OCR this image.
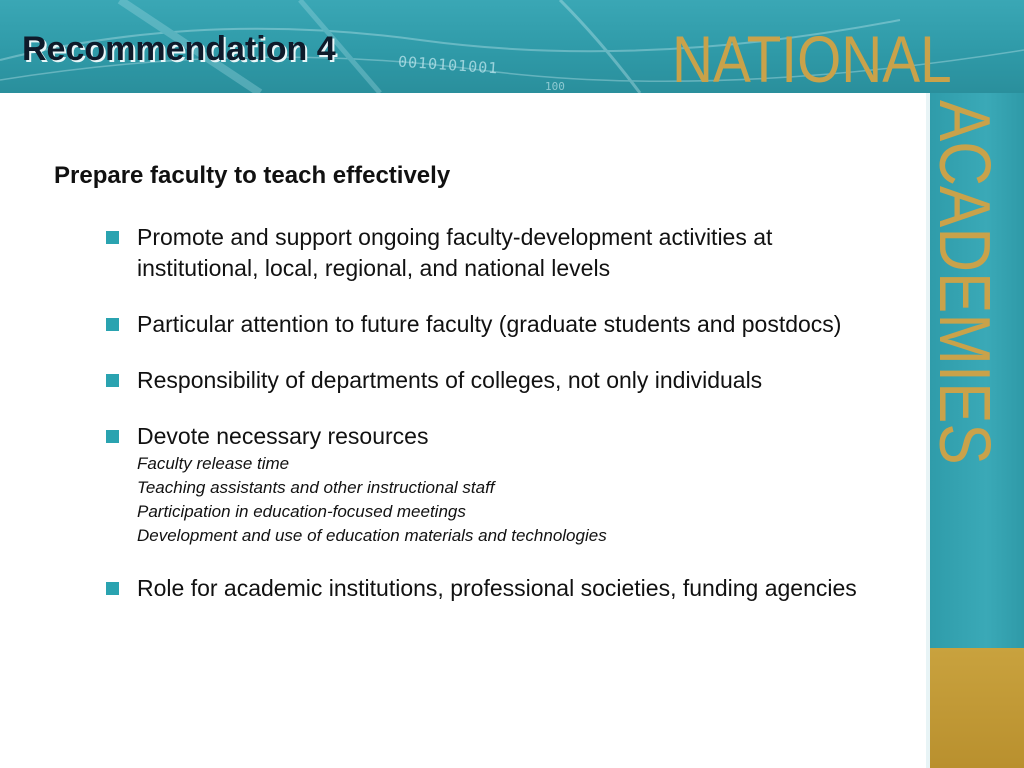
0010101001
100
Recommendation 4	NATIONAL
ACADEMIES
Prepare faculty to teach effectively
Promote and support ongoing faculty-development activities at institutional, local, regional, and national levels
Particular attention to future faculty (graduate students and postdocs)
Responsibility of departments of colleges, not only individuals
Devote necessary resources
Faculty release time
Teaching assistants and other instructional staff
Participation in education-focused meetings
Development and use of education materials and technologies
Role for academic institutions, professional societies, funding agencies
